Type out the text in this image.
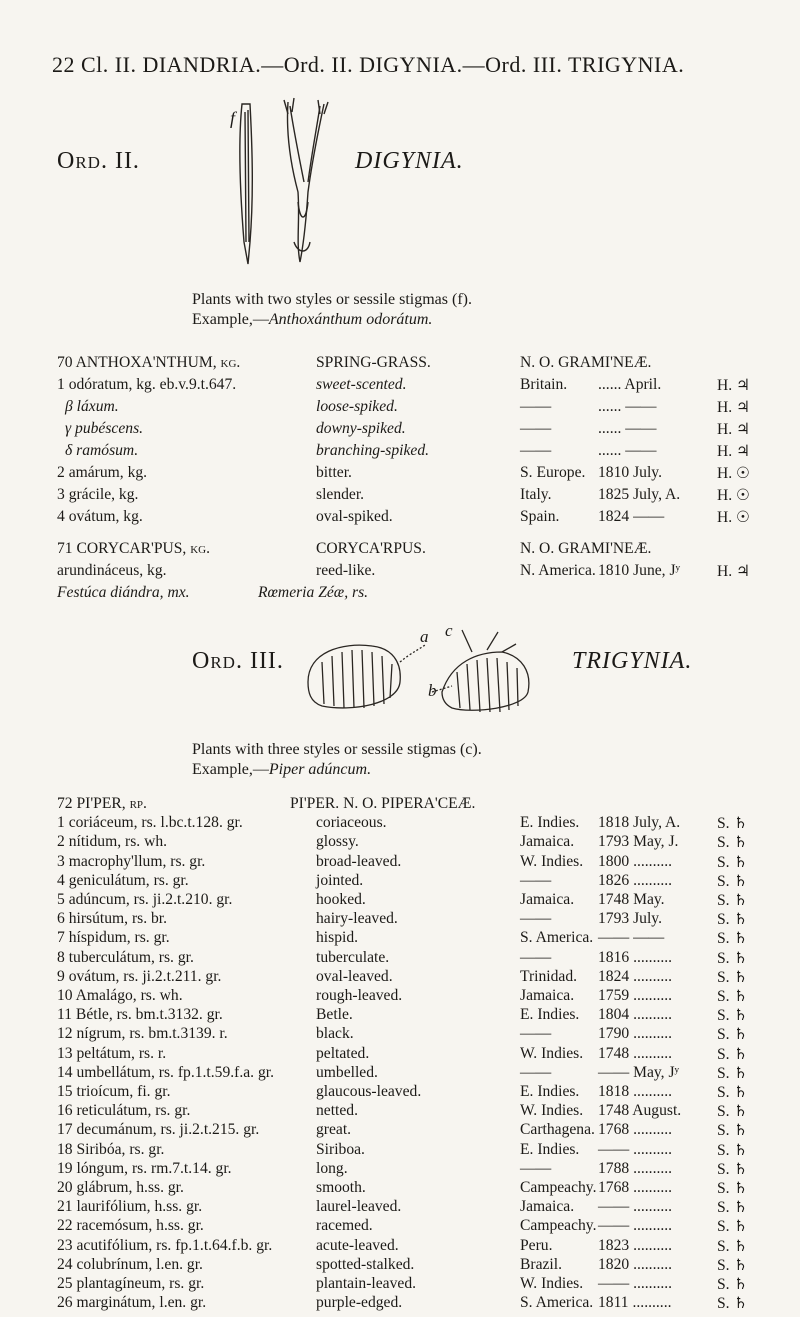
22 Cl. II. DIANDRIA.—Ord. II. DIGYNIA.—Ord. III. TRIGYNIA.
Ord. II.
f
DIGYNIA.
Plants with two styles or sessile stigmas (f).
Example,—Anthoxánthum odorátum.
70 ANTHOXA'NTHUM, kg.	SPRING-GRASS.	N. O. GRAMI'NEÆ.
1 odóratum, kg. eb.v.9.t.647.	sweet-scented.	Britain. ...... April.	H. ♃
β láxum.	loose-spiked.	——	...... ——	H. ♃
γ pubéscens.	downy-spiked.	——	...... ——	H. ♃
δ ramósum.	branching-spiked.	——	...... ——	H. ♃
2 amárum, kg.	bitter.	S. Europe. 1810 July.	H. ☉
3 grácile, kg.	slender.	Italy.	1825 July, A. H. ☉
4 ovátum, kg.	oval-spiked.	Spain. 1824 ——	H. ☉
71 CORYCAR'PUS, kg.	CORYCA'RPUS.	N. O. GRAMI'NEÆ.
arundináceus, kg.	reed-like.	N. America. 1810 June, Jʸ H. ♃
Festúca diándra, mx.	Rœmeria Zéæ, rs.
Ord. III.
a c
b
TRIGYNIA.
Plants with three styles or sessile stigmas (c).
Example,—Piper adúncum.
72 PI'PER, rp.	PI'PER. N. O. PIPERA'CEÆ.
1 coriáceum, rs. l.bc.t.128. gr.	coriaceous.	E. Indies. 1818 July, A. S. ♄
2 nítidum, rs. wh.	glossy.	Jamaica. 1793 May, J. S. ♄
3 macrophy'llum, rs. gr.	broad-leaved.	W. Indies. 1800 ..........	S. ♄
4 geniculátum, rs. gr.	jointed.	——	1826 ..........	S. ♄
5 adúncum, rs. ji.2.t.210. gr.	hooked.	Jamaica. 1748 May.	S. ♄
6 hirsútum, rs. br.	hairy-leaved.	——	1793 July.	S. ♄
7 híspidum, rs. gr.	hispid.	S. America. —— ——	S. ♄
8 tuberculátum, rs. gr.	tuberculate.	——	1816 ..........	S. ♄
9 ovátum, rs. ji.2.t.211. gr.	oval-leaved.	Trinidad. 1824 ..........	S. ♄
10 Amalágo, rs. wh.	rough-leaved.	Jamaica. 1759 ..........	S. ♄
11 Bétle, rs. bm.t.3132. gr.	Betle.	E. Indies. 1804 ..........	S. ♄
12 nígrum, rs. bm.t.3139. r.	black.	——	1790 ..........	S. ♄
13 peltátum, rs. r.	peltated.	W. Indies. 1748 ..........	S. ♄
14 umbellátum, rs. fp.1.t.59.f.a. gr.	umbelled.	——	—— May, Jʸ S. ♄
15 trioícum, fi. gr.	glaucous-leaved.	E. Indies. 1818 ..........	S. ♄
16 reticulátum, rs. gr.	netted.	W. Indies. 1748 August. S. ♄
17 decumánum, rs. ji.2.t.215. gr.	great.	Carthagena. 1768 ..........	S. ♄
18 Siribóa, rs. gr.	Siriboa.	E. Indies. —— ..........	S. ♄
19 lóngum, rs. rm.7.t.14. gr.	long.	——	1788 ..........	S. ♄
20 glábrum, h.ss. gr.	smooth.	Campeachy. 1768 ..........	S. ♄
21 laurifólium, h.ss. gr.	laurel-leaved.	Jamaica. —— ..........	S. ♄
22 racemósum, h.ss. gr.	racemed.	Campeachy. —— ..........	S. ♄
23 acutifólium, rs. fp.1.t.64.f.b. gr.	acute-leaved.	Peru.	1823 ..........	S. ♄
24 colubrínum, l.en. gr.	spotted-stalked.	Brazil. 1820 ..........	S. ♄
25 plantagíneum, rs. gr.	plantain-leaved.	W. Indies. —— ..........	S. ♄
26 marginátum, l.en. gr.	purple-edged.	S. America. 1811 ..........	S. ♄
